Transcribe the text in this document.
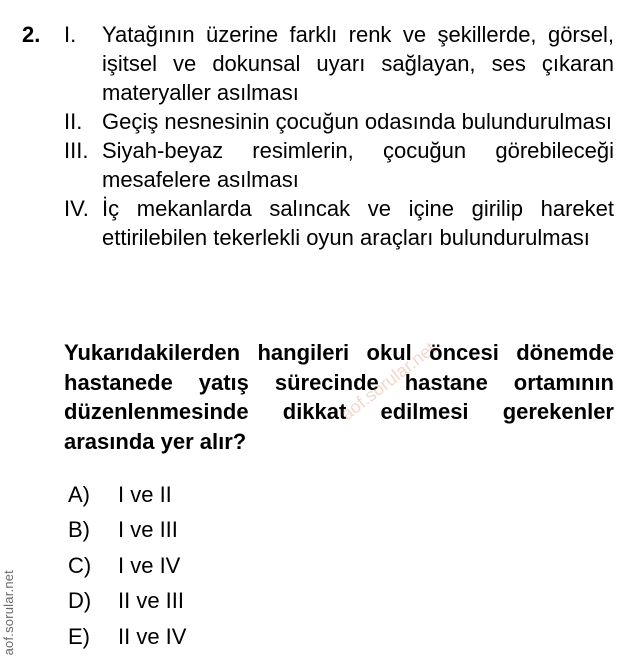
2. I.	Yatağının üzerine farklı renk ve şekillerde, görsel, işitsel ve dokunsal uyarı sağlayan, ses çıkaran materyaller asılması
II. Geçiş nesnesinin çocuğun odasında bulundurulması
III. Siyah-beyaz resimlerin, çocuğun görebileceği mesafelere asılması
IV. İç mekanlarda salıncak ve içine girilip hareket ettirilebilen tekerlekli oyun araçları bulundurulması
Yukarıdakilerden hangileri okul öncesi dönemde hastanede yatış sürecinde hastane ortamının düzenlenmesinde dikkat edilmesi gerekenler arasında yer alır?
aof.sorular.net
A)	I ve II
B)	I ve III
C)	I ve IV
D)	II ve III
E)	II ve IV
aof.sorular.net
